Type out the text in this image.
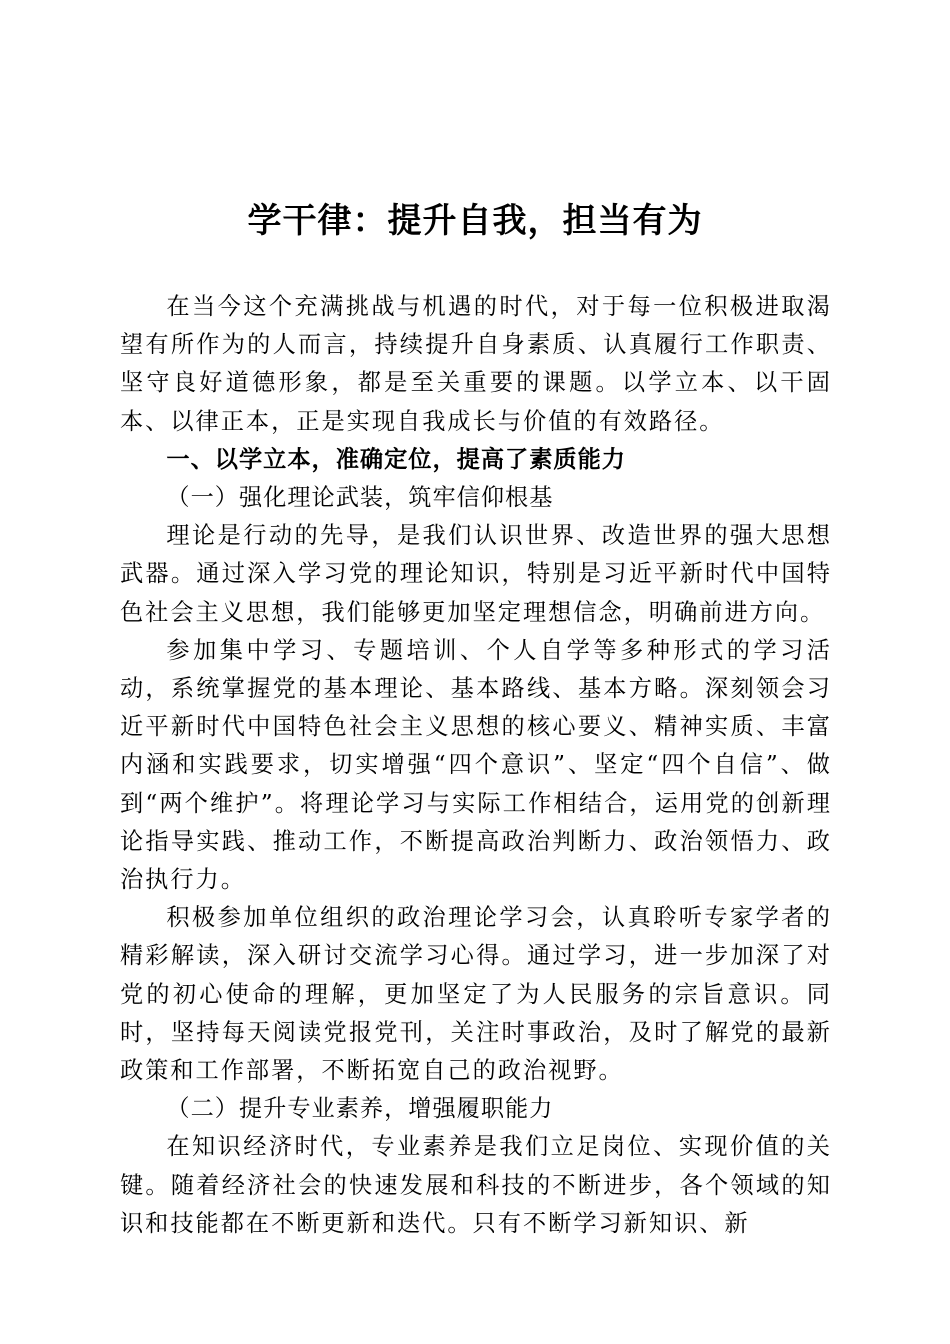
学干律：提升自我，担当有为

在当今这个充满挑战与机遇的时代，对于每一位积极进取渴望有所作为的人而言，持续提升自身素质、认真履行工作职责、坚守良好道德形象，都是至关重要的课题。以学立本、以干固本、以律正本，正是实现自我成长与价值的有效路径。

一、以学立本，准确定位，提高了素质能力

（一）强化理论武装，筑牢信仰根基

理论是行动的先导，是我们认识世界、改造世界的强大思想武器。通过深入学习党的理论知识，特别是习近平新时代中国特色社会主义思想，我们能够更加坚定理想信念，明确前进方向。

参加集中学习、专题培训、个人自学等多种形式的学习活动，系统掌握党的基本理论、基本路线、基本方略。深刻领会习近平新时代中国特色社会主义思想的核心要义、精神实质、丰富内涵和实践要求，切实增强“四个意识”、坚定“四个自信”、做到“两个维护”。将理论学习与实际工作相结合，运用党的创新理论指导实践、推动工作，不断提高政治判断力、政治领悟力、政治执行力。

积极参加单位组织的政治理论学习会，认真聆听专家学者的精彩解读，深入研讨交流学习心得。通过学习，进一步加深了对党的初心使命的理解，更加坚定了为人民服务的宗旨意识。同时，坚持每天阅读党报党刊，关注时事政治，及时了解党的最新政策和工作部署，不断拓宽自己的政治视野。

（二）提升专业素养，增强履职能力

在知识经济时代，专业素养是我们立足岗位、实现价值的关键。随着经济社会的快速发展和科技的不断进步，各个领域的知识和技能都在不断更新和迭代。只有不断学习新知识、新
